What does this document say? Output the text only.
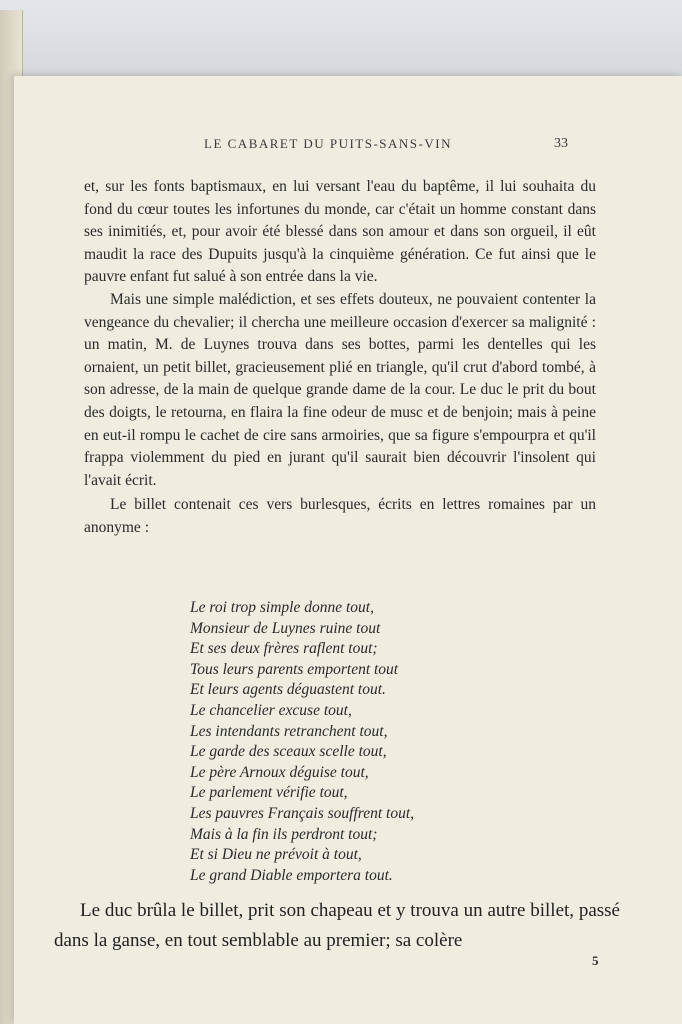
LE CABARET DU PUITS-SANS-VIN	33

et, sur les fonts baptismaux, en lui versant l'eau du baptême, il lui souhaita du fond du cœur toutes les infortunes du monde, car c'était un homme constant dans ses inimitiés, et, pour avoir été blessé dans son amour et dans son orgueil, il eût maudit la race des Dupuits jusqu'à la cinquième génération. Ce fut ainsi que le pauvre enfant fut salué à son entrée dans la vie.

Mais une simple malédiction, et ses effets douteux, ne pouvaient contenter la vengeance du chevalier; il chercha une meilleure occasion d'exercer sa malignité : un matin, M. de Luynes trouva dans ses bottes, parmi les dentelles qui les ornaient, un petit billet, gracieusement plié en triangle, qu'il crut d'abord tombé, à son adresse, de la main de quelque grande dame de la cour. Le duc le prit du bout des doigts, le retourna, en flaira la fine odeur de musc et de benjoin; mais à peine en eut-il rompu le cachet de cire sans armoiries, que sa figure s'empourpra et qu'il frappa violemment du pied en jurant qu'il saurait bien découvrir l'insolent qui l'avait écrit.

Le billet contenait ces vers burlesques, écrits en lettres romaines par un anonyme :

Le roi trop simple donne tout,
Monsieur de Luynes ruine tout
Et ses deux frères raflent tout;
Tous leurs parents emportent tout
Et leurs agents déguastent tout.
Le chancelier excuse tout,
Les intendants retranchent tout,
Le garde des sceaux scelle tout,
Le père Arnoux déguise tout,
Le parlement vérifie tout,
Les pauvres Français souffrent tout,
Mais à la fin ils perdront tout;
Et si Dieu ne prévoit à tout,
Le grand Diable emportera tout.

Le duc brûla le billet, prit son chapeau et y trouva un autre billet, passé dans la ganse, en tout semblable au premier; sa colère

5
